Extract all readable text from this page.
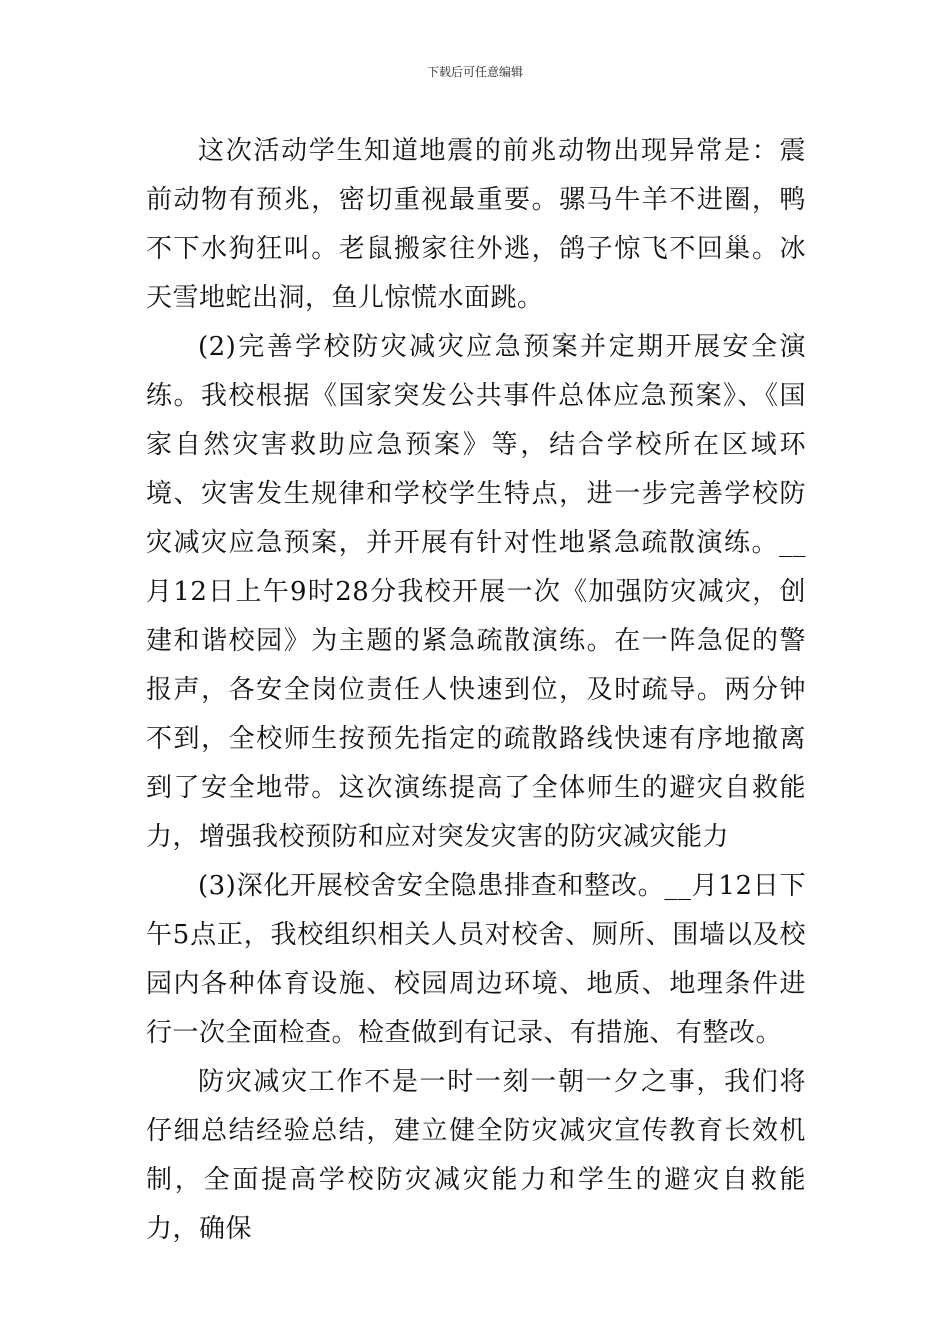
下载后可任意编辑

这次活动学生知道地震的前兆动物出现异常是：震前动物有预兆，密切重视最重要。骡马牛羊不进圈，鸭不下水狗狂叫。老鼠搬家往外逃，鸽子惊飞不回巢。冰天雪地蛇出洞，鱼儿惊慌水面跳。

(2)完善学校防灾减灾应急预案并定期开展安全演练。我校根据《国家突发公共事件总体应急预案》、《国家自然灾害救助应急预案》等，结合学校所在区域环境、灾害发生规律和学校学生特点，进一步完善学校防灾减灾应急预案，并开展有针对性地紧急疏散演练。__月12日上午9时28分我校开展一次《加强防灾减灾，创建和谐校园》为主题的紧急疏散演练。在一阵急促的警报声，各安全岗位责任人快速到位，及时疏导。两分钟不到，全校师生按预先指定的疏散路线快速有序地撤离到了安全地带。这次演练提高了全体师生的避灾自救能力，增强我校预防和应对突发灾害的防灾减灾能力

(3)深化开展校舍安全隐患排查和整改。__月12日下午5点正，我校组织相关人员对校舍、厕所、围墙以及校园内各种体育设施、校园周边环境、地质、地理条件进行一次全面检查。检查做到有记录、有措施、有整改。

防灾减灾工作不是一时一刻一朝一夕之事，我们将仔细总结经验总结，建立健全防灾减灾宣传教育长效机制，全面提高学校防灾减灾能力和学生的避灾自救能力，确保
